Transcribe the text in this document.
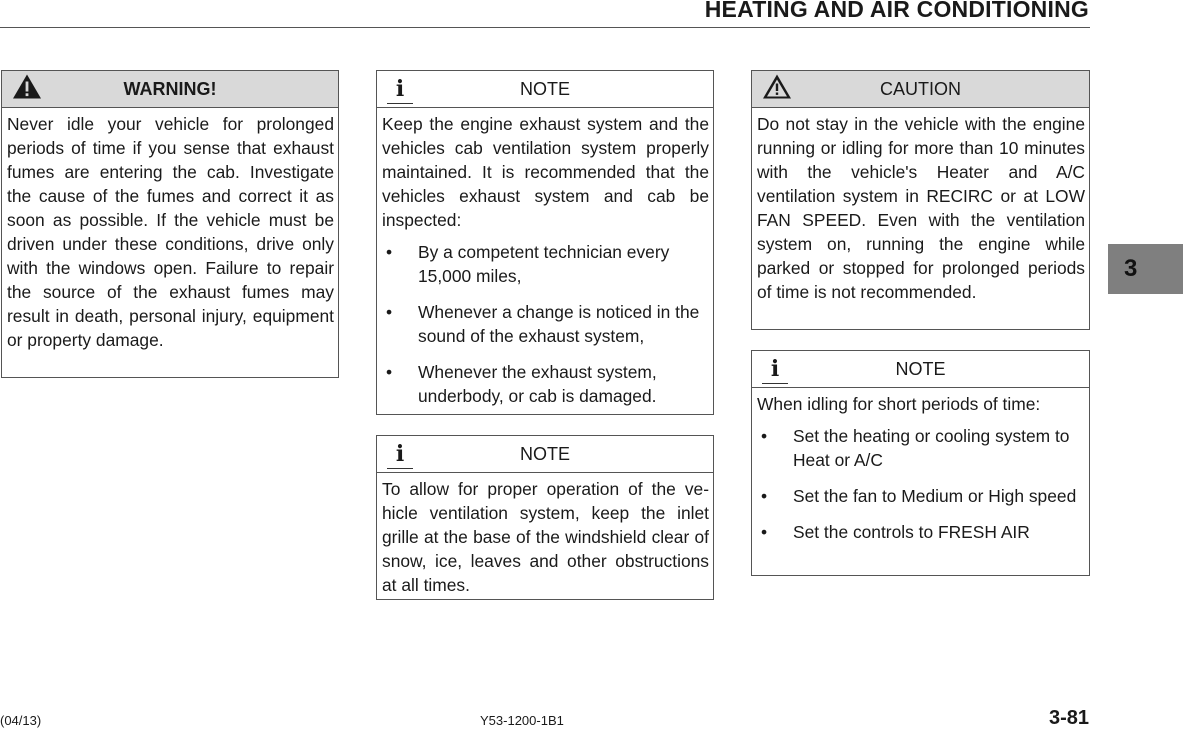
HEATING AND AIR CONDITIONING
WARNING!
Never idle your vehicle for prolonged periods of time if you sense that exhaust fumes are entering the cab. Investigate the cause of the fumes and correct it as soon as possible. If the vehicle must be driven under these conditions, drive only with the windows open. Failure to repair the source of the exhaust fumes may result in death, personal injury, equipment or property damage.
i	NOTE
Keep the engine exhaust system and the vehicles cab ventilation system properly maintained. It is recommended that the vehicles exhaust system and cab be inspected:
• By a competent technician every 15,000 miles,
• Whenever a change is noticed in the sound of the exhaust system,
• Whenever the exhaust system, underbody, or cab is damaged.
i	NOTE
To allow for proper operation of the vehicle ventilation system, keep the inlet grille at the base of the windshield clear of snow, ice, leaves and other obstructions at all times.
CAUTION
Do not stay in the vehicle with the engine running or idling for more than 10 minutes with the vehicle's Heater and A/C ventilation system in RECIRC or at LOW FAN SPEED. Even with the ventilation system on, running the engine while parked or stopped for prolonged periods of time is not recommended.
i	NOTE
When idling for short periods of time:
• Set the heating or cooling system to Heat or A/C
• Set the fan to Medium or High speed
• Set the controls to FRESH AIR
3
(04/13)	Y53-1200-1B1	3-81
